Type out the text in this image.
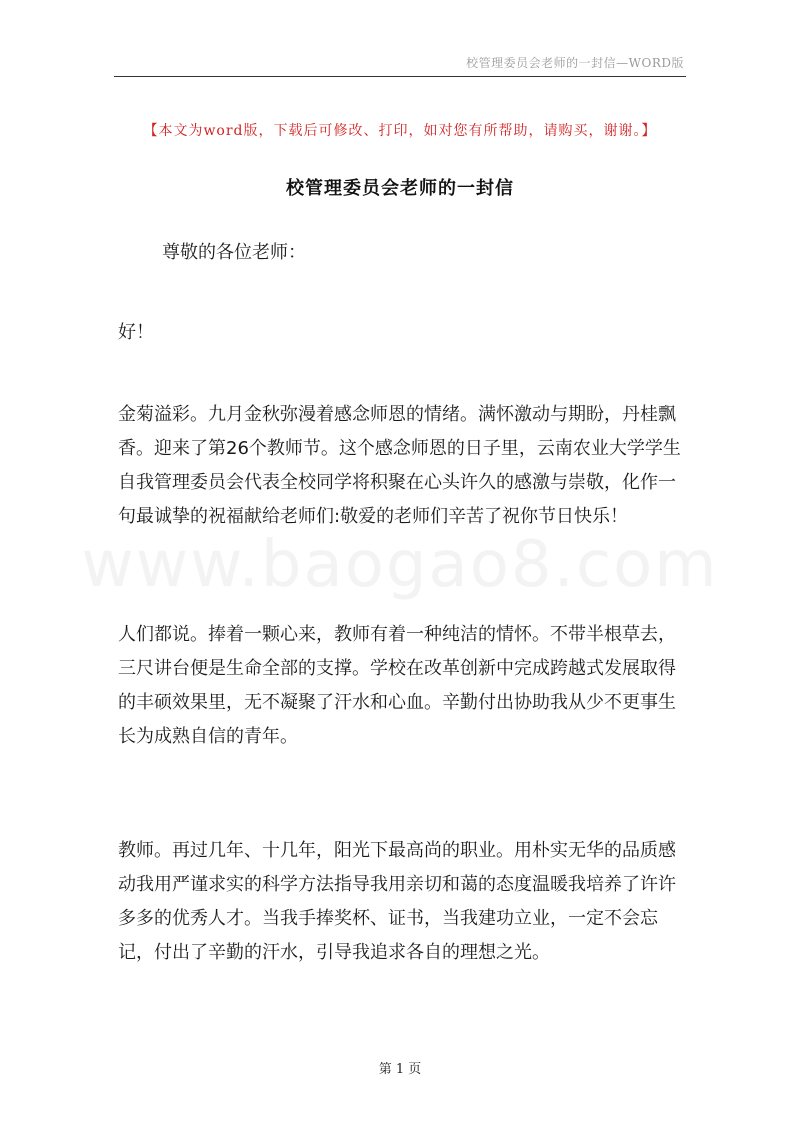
校管理委员会老师的一封信—WORD版
【本文为word版，下载后可修改、打印，如对您有所帮助，请购买，谢谢。】
校管理委员会老师的一封信
尊敬的各位老师：
好！
金菊溢彩。九月金秋弥漫着感念师恩的情绪。满怀激动与期盼，丹桂飘香。迎来了第26个教师节。这个感念师恩的日子里，云南农业大学学生自我管理委员会代表全校同学将积聚在心头许久的感激与崇敬，化作一句最诚挚的祝福献给老师们:敬爱的老师们辛苦了祝你节日快乐！
人们都说。捧着一颗心来，教师有着一种纯洁的情怀。不带半根草去，三尺讲台便是生命全部的支撑。学校在改革创新中完成跨越式发展取得的丰硕效果里，无不凝聚了汗水和心血。辛勤付出协助我从少不更事生长为成熟自信的青年。
教师。再过几年、十几年，阳光下最高尚的职业。用朴实无华的品质感动我用严谨求实的科学方法指导我用亲切和蔼的态度温暖我培养了许许多多的优秀人才。当我手捧奖杯、证书，当我建功立业，一定不会忘记，付出了辛勤的汗水，引导我追求各自的理想之光。
www.baogao8.com
第 1 页
